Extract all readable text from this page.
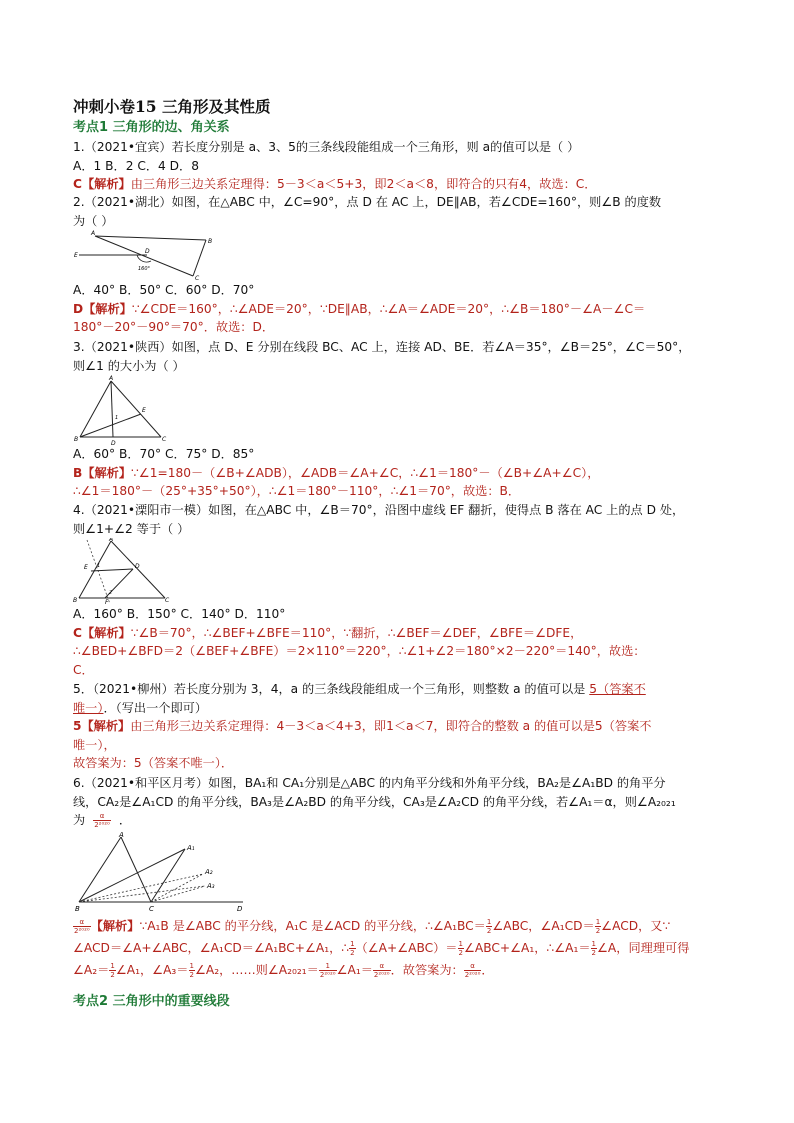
冲刺小卷15 三角形及其性质
考点1 三角形的边、角关系
1.（2021•宜宾）若长度分别是 a、3、5的三条线段能组成一个三角形，则 a的值可以是（ ）
A．1 B．2 C．4 D．8
C【解析】由三角形三边关系定理得：5－3＜a＜5+3，即2＜a＜8，即符合的只有4，故选：C．
2.（2021•湖北）如图，在△ABC 中，∠C=90°，点 D 在 AC 上，DE∥AB，若∠CDE=160°，则∠B 的度数
为（ ）
A
B
C
D
E
160°
A．40° B．50° C．60° D．70°
D【解析】∵∠CDE＝160°，∴∠ADE＝20°，∵DE∥AB，∴∠A＝∠ADE＝20°，∴∠B＝180°－∠A－∠C＝
180°－20°－90°＝70°．故选：D．
3.（2021•陕西）如图，点 D、E 分别在线段 BC、AC 上，连接 AD、BE．若∠A＝35°，∠B＝25°，∠C＝50°，
则∠1 的大小为（ ）
A
B	C
D
E
1
A．60° B．70° C．75° D．85°
B【解析】∵∠1=180－（∠B+∠ADB），∠ADB＝∠A+∠C，∴∠1＝180°－（∠B+∠A+∠C），
∴∠1＝180°－（25°+35°+50°），∴∠1＝180°－110°，∴∠1＝70°，故选：B．
4.（2021•溧阳市一模）如图，在△ABC 中，∠B＝70°，沿图中虚线 EF 翻折，使得点 B 落在 AC 上的点 D 处，
则∠1+∠2 等于（ ）
A
B	C
D
E
F
1
2
A．160° B．150° C．140° D．110°
C【解析】∵∠B＝70°，∴∠BEF+∠BFE＝110°，∵翻折，∴∠BEF＝∠DEF，∠BFE＝∠DFE，
∴∠BED+∠BFD＝2（∠BEF+∠BFE）＝2×110°＝220°，∴∠1+∠2＝180°×2－220°＝140°，故选：
C．
5．（2021•柳州）若长度分别为 3，4，a 的三条线段能组成一个三角形，则整数 a 的值可以是 5（答案不
唯一）．（写出一个即可）
5【解析】由三角形三边关系定理得：4－3＜a＜4+3，即1＜a＜7，即符合的整数 a 的值可以是5（答案不
唯一），
故答案为：5（答案不唯一）．
6.（2021•和平区月考）如图，BA₁和 CA₁分别是△ABC 的内角平分线和外角平分线，BA₂是∠A₁BD 的角平分
线，CA₂是∠A₁CD 的角平分线，BA₃是∠A₂BD 的角平分线，CA₃是∠A₂CD 的角平分线，若∠A₁＝α，则∠A₂₀₂₁
为 $\frac{\alpha}{\text{2²⁰²⁰}}$ ．
A
A₁
A₂
A₃
B	C	D
$\frac{\alpha}{\text{2²⁰²⁰}}$ 【解析】∵A₁B 是∠ABC 的平分线，A₁C 是∠ACD 的平分线，∴∠A₁BC＝ $\frac{1}{2}$ ∠ABC，∠A₁CD＝ $\frac{1}{2}$ ∠ACD，又∵
∠ACD＝∠A+∠ABC，∠A₁CD＝∠A₁BC+∠A₁，∴ $\frac{1}{2}$ （∠A+∠ABC）＝ $\frac{1}{2}$ ∠ABC+∠A₁，∴∠A₁＝ $\frac{1}{2}$ ∠A，同理理可得
∠A₂＝ $\frac{1}{2}$ ∠A₁，∠A₃＝ $\frac{1}{2}$ ∠A₂，……则∠A₂₀₂₁＝ $\frac{1}{\text{2²⁰²⁰}}$ ∠A₁＝ $\frac{\alpha}{\text{2²⁰²⁰}}$ ．故答案为： $\frac{\alpha}{\text{2²⁰²⁰}}$ ．
考点2 三角形中的重要线段
